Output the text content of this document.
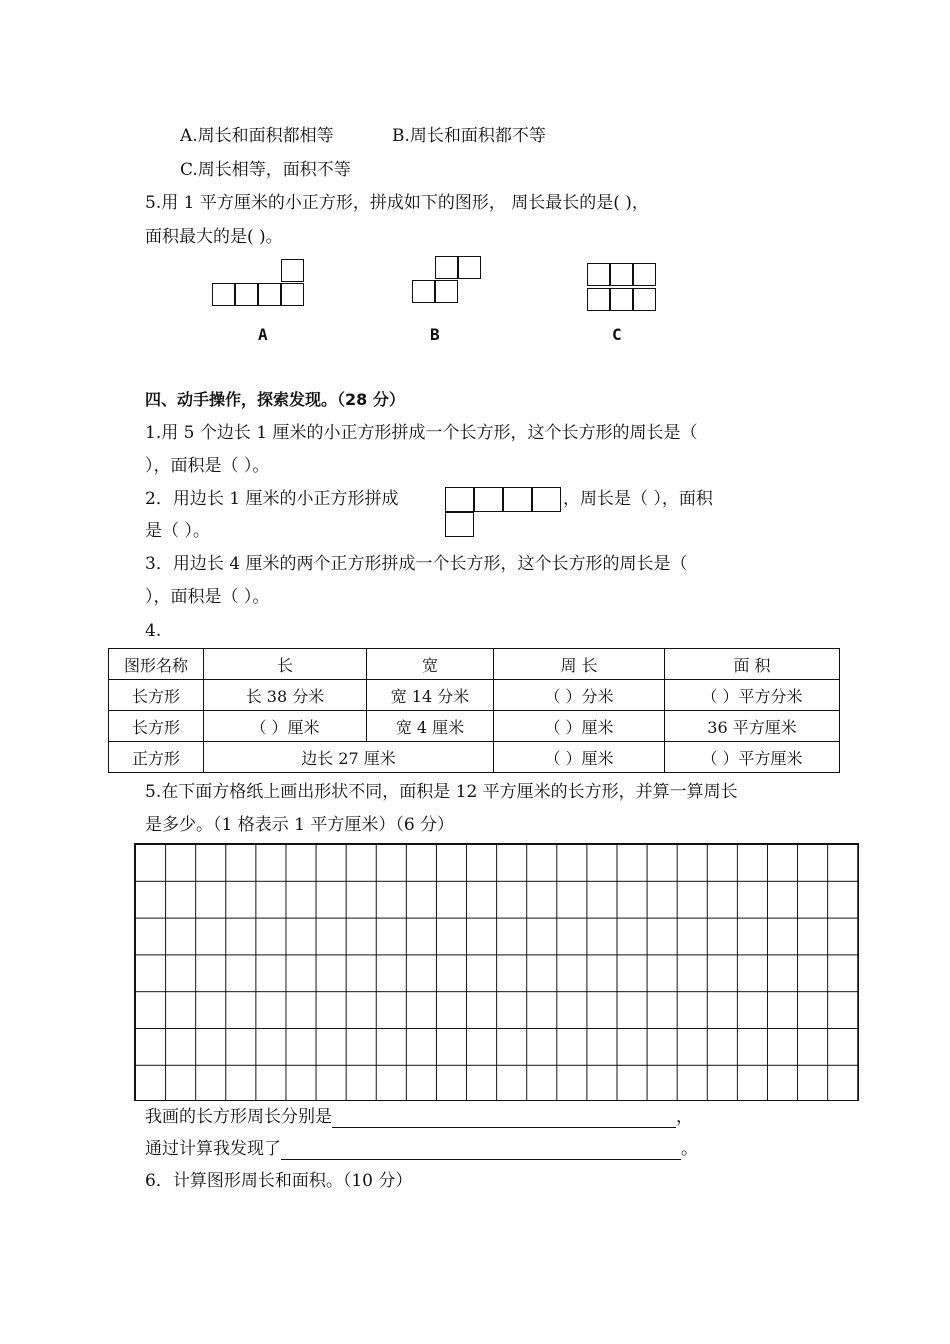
A.周长和面积都相等	B.周长和面积都不等
C.周长相等，面积不等
5.用 1 平方厘米的小正方形，拼成如下的图形， 周长最长的是( )，
面积最大的是( )。
A	B	C
四、动手操作，探索发现。（28 分）
1.用 5 个边长 1 厘米的小正方形拼成一个长方形，这个长方形的周长是（
），面积是（ ）。
2．用边长 1 厘米的小正方形拼成	，周长是（ ），面积
是（ ）。
3．用边长 4 厘米的两个正方形拼成一个长方形，这个长方形的周长是（
），面积是（ ）。
4.
图形名称	长	宽	周 长	面 积
长方形	长 38 分米	宽 14 分米	（ ）分米	（ ）平方分米
长方形	（ ）厘米	宽 4 厘米	（ ）厘米	36 平方厘米
正方形	边长 27 厘米		（ ）厘米	（ ）平方厘米
5.在下面方格纸上画出形状不同，面积是 12 平方厘米的长方形，并算一算周长
是多少。（1 格表示 1 平方厘米）（6 分）
我画的长方形周长分别是	，
通过计算我发现了	。
6．计算图形周长和面积。（10 分）
